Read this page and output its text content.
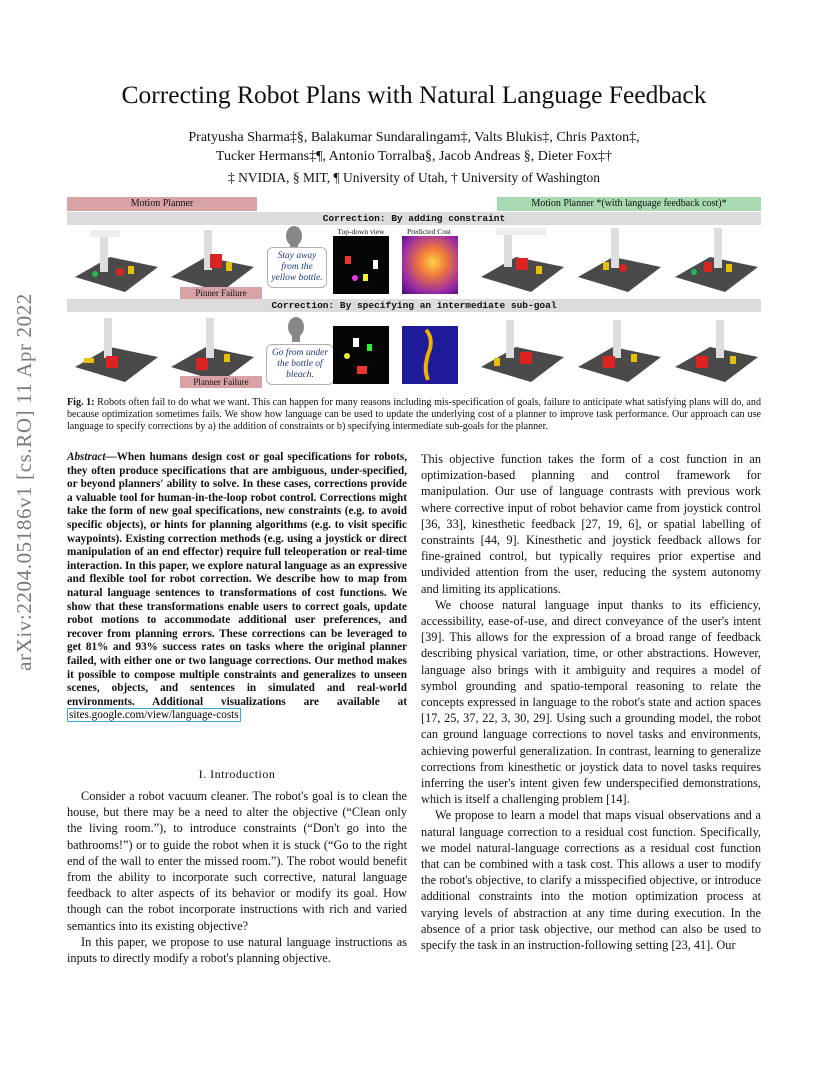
arXiv:2204.05186v1 [cs.RO] 11 Apr 2022
Correcting Robot Plans with Natural Language Feedback
Pratyusha Sharma‡§, Balakumar Sundaralingam‡, Valts Blukis‡, Chris Paxton‡,
Tucker Hermans‡¶, Antonio Torralba§, Jacob Andreas §, Dieter Fox‡†
‡ NVIDIA, § MIT, ¶ University of Utah, † University of Washington
Motion Planner	Motion Planner *(with language feedback cost)*
Correction: By adding constraint
Correction: By specifying an intermediate sub-goal
Pinner Failure
Stay away from the yellow bottle.
Top-down view	Predicted Cost
Planner Failure
Go from under the bottle of bleach.
Fig. 1: Robots often fail to do what we want. This can happen for many reasons including mis-specification of goals, failure to anticipate what satisfying plans will do, and because optimization sometimes fails. We show how language can be used to update the underlying cost of a planner to improve task performance. Our approach can use language to specify corrections by a) the addition of constraints or b) specifying intermediate sub-goals for the planner.
Abstract—When humans design cost or goal specifications for robots, they often produce specifications that are ambiguous, under-specified, or beyond planners' ability to solve. In these cases, corrections provide a valuable tool for human-in-the-loop robot control. Corrections might take the form of new goal specifications, new constraints (e.g. to avoid specific objects), or hints for planning algorithms (e.g. to visit specific waypoints). Existing correction methods (e.g. using a joystick or direct manipulation of an end effector) require full teleoperation or real-time interaction. In this paper, we explore natural language as an expressive and flexible tool for robot correction. We describe how to map from natural language sentences to transformations of cost functions. We show that these transformations enable users to correct goals, update robot motions to accommodate additional user preferences, and recover from planning errors. These corrections can be leveraged to get 81% and 93% success rates on tasks where the original planner failed, with either one or two language corrections. Our method makes it possible to compose multiple constraints and generalizes to unseen scenes, objects, and sentences in simulated and real-world environments. Additional visualizations are available at sites.google.com/view/language-costs
I. Introduction

Consider a robot vacuum cleaner. The robot's goal is to clean the house, but there may be a need to alter the objective (“Clean only the living room.”), to introduce constraints (“Don't go into the bathrooms!”) or to guide the robot when it is stuck (“Go to the right end of the wall to enter the missed room.”). The robot would benefit from the ability to incorporate such corrective, natural language feedback to alter aspects of its behavior or modify its goal. How though can the robot incorporate instructions with rich and varied semantics into its existing objective?

In this paper, we propose to use natural language instructions as inputs to directly modify a robot's planning objective.

This objective function takes the form of a cost function in an optimization-based planning and control framework for manipulation. Our use of language contrasts with previous work where corrective input of robot behavior came from joystick control [36, 33], kinesthetic feedback [27, 19, 6], or spatial labelling of constraints [44, 9]. Kinesthetic and joystick feedback allows for fine-grained control, but typically requires prior expertise and undivided attention from the user, reducing the system autonomy and limiting its applications.

We choose natural language input thanks to its efficiency, accessibility, ease-of-use, and direct conveyance of the user's intent [39]. This allows for the expression of a broad range of feedback describing physical variation, time, or other abstractions. However, language also brings with it ambiguity and requires a model of symbol grounding and spatio-temporal reasoning to relate the concepts expressed in language to the robot's state and action spaces [17, 25, 37, 22, 3, 30, 29]. Using such a grounding model, the robot can ground language corrections to novel tasks and environments, achieving powerful generalization. In contrast, learning to generalize corrections from kinesthetic or joystick data to novel tasks requires inferring the user's intent given few underspecified demonstrations, which is itself a challenging problem [14].

We propose to learn a model that maps visual observations and a natural language correction to a residual cost function. Specifically, we model natural-language corrections as a residual cost function that can be combined with a task cost. This allows a user to modify the robot's objective, to clarify a misspecified objective, or introduce additional constraints into the motion optimization process at varying levels of abstraction at any time during execution. In the absence of a prior task objective, our method can also be used to specify the task in an instruction-following setting [23, 41]. Our
